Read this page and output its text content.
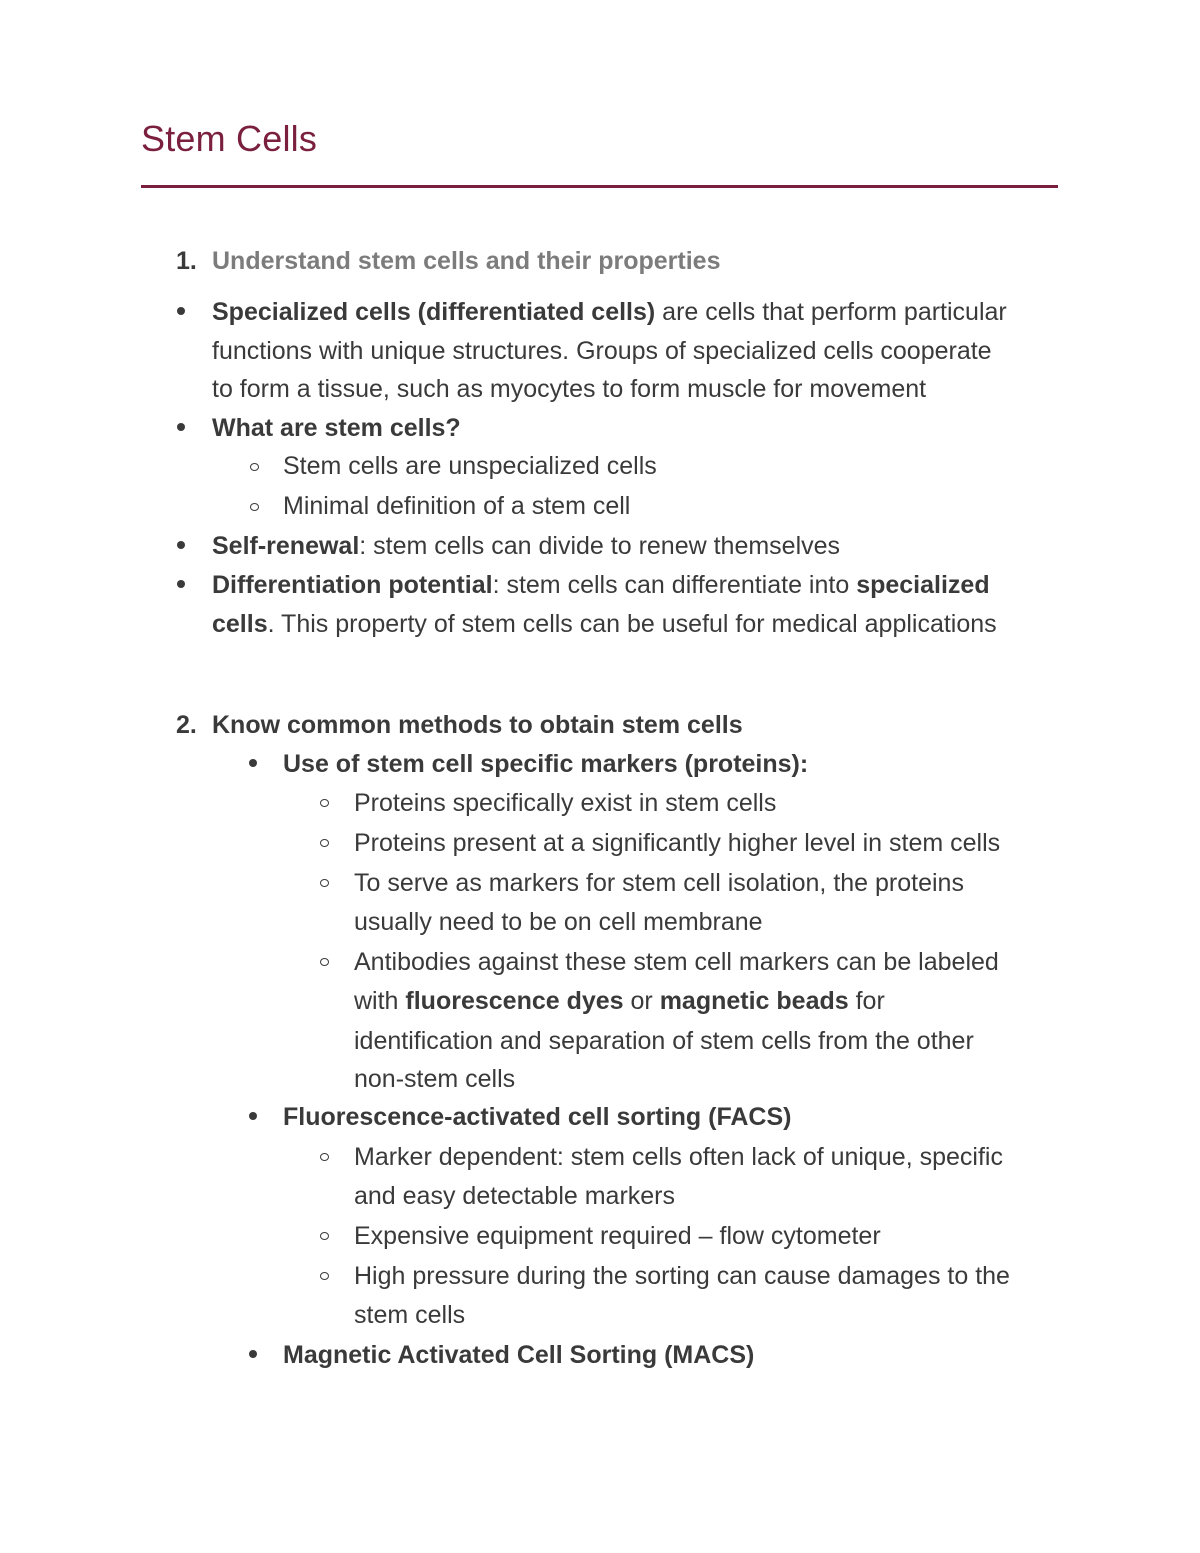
Stem Cells
1. Understand stem cells and their properties
Specialized cells (differentiated cells) are cells that perform particular
functions with unique structures. Groups of specialized cells cooperate
to form a tissue, such as myocytes to form muscle for movement
What are stem cells?
Stem cells are unspecialized cells
Minimal definition of a stem cell
Self-renewal: stem cells can divide to renew themselves
Differentiation potential: stem cells can differentiate into specialized
cells. This property of stem cells can be useful for medical applications
2. Know common methods to obtain stem cells
Use of stem cell specific markers (proteins):
Proteins specifically exist in stem cells
Proteins present at a significantly higher level in stem cells
To serve as markers for stem cell isolation, the proteins
usually need to be on cell membrane
Antibodies against these stem cell markers can be labeled
with fluorescence dyes or magnetic beads for
identification and separation of stem cells from the other
non-stem cells
Fluorescence-activated cell sorting (FACS)
Marker dependent: stem cells often lack of unique, specific
and easy detectable markers
Expensive equipment required – flow cytometer
High pressure during the sorting can cause damages to the
stem cells
Magnetic Activated Cell Sorting (MACS)
